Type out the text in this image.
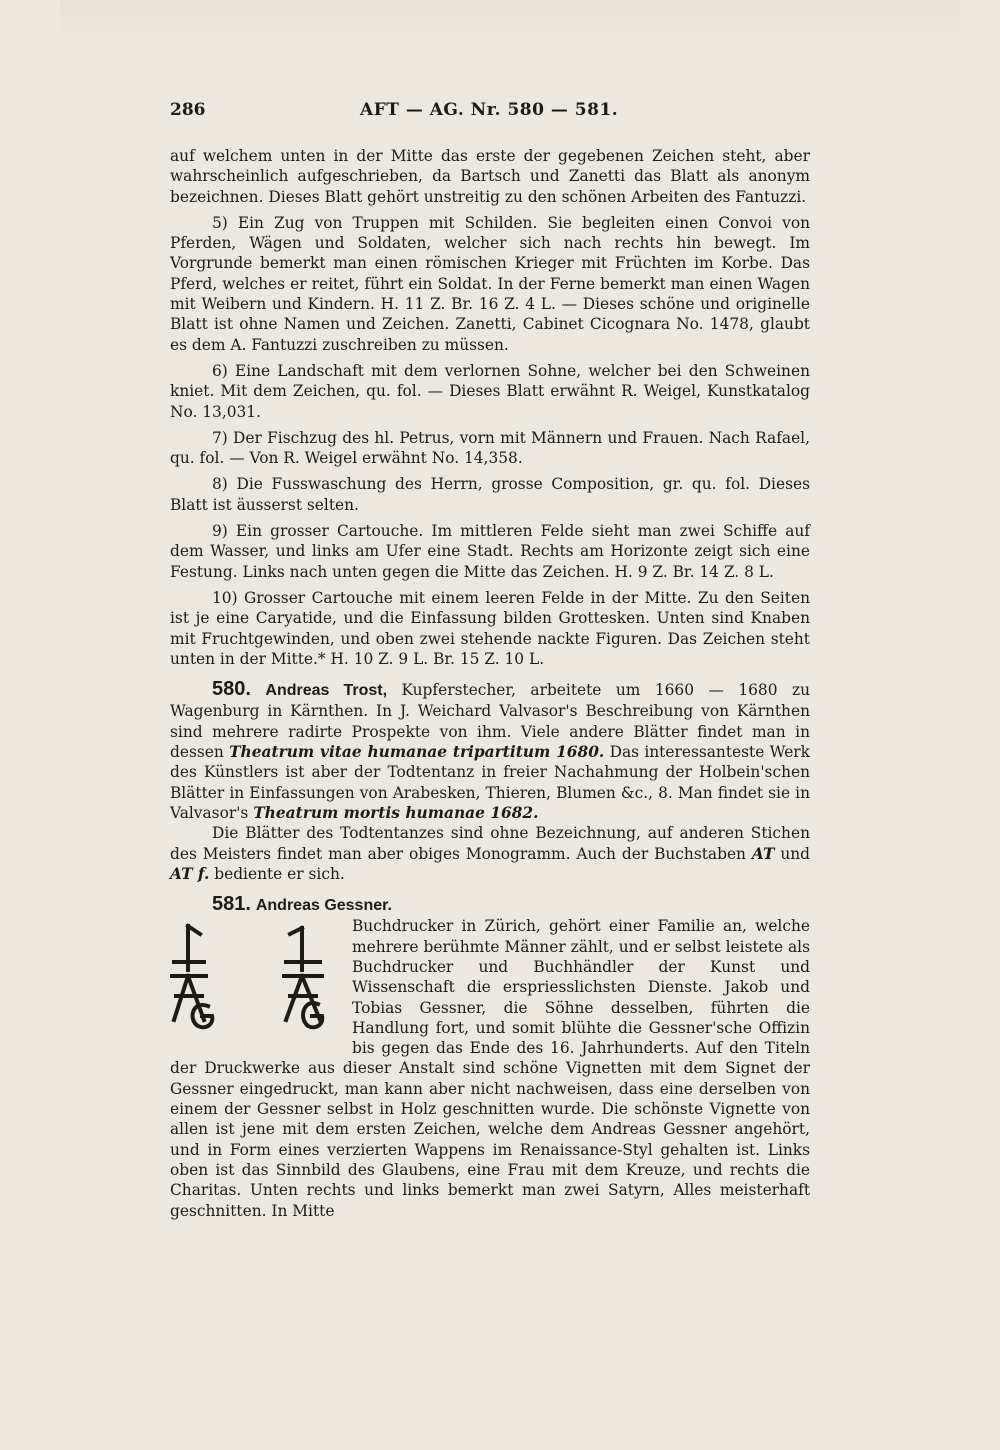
286	AFT — AG. Nr. 580 — 581.

auf welchem unten in der Mitte das erste der gegebenen Zeichen steht, aber wahrscheinlich aufgeschrieben, da Bartsch und Zanetti das Blatt als anonym bezeichnen. Dieses Blatt gehört unstreitig zu den schönen Arbeiten des Fantuzzi.

5) Ein Zug von Truppen mit Schilden. Sie begleiten einen Convoi von Pferden, Wägen und Soldaten, welcher sich nach rechts hin bewegt. Im Vorgrunde bemerkt man einen römischen Krieger mit Früchten im Korbe. Das Pferd, welches er reitet, führt ein Soldat. In der Ferne bemerkt man einen Wagen mit Weibern und Kindern. H. 11 Z. Br. 16 Z. 4 L. — Dieses schöne und originelle Blatt ist ohne Namen und Zeichen. Zanetti, Cabinet Cicognara No. 1478, glaubt es dem A. Fantuzzi zuschreiben zu müssen.

6) Eine Landschaft mit dem verlornen Sohne, welcher bei den Schweinen kniet. Mit dem Zeichen, qu. fol. — Dieses Blatt erwähnt R. Weigel, Kunstkatalog No. 13,031.

7) Der Fischzug des hl. Petrus, vorn mit Männern und Frauen. Nach Rafael, qu. fol. — Von R. Weigel erwähnt No. 14,358.

8) Die Fusswaschung des Herrn, grosse Composition, gr. qu. fol. Dieses Blatt ist äusserst selten.

9) Ein grosser Cartouche. Im mittleren Felde sieht man zwei Schiffe auf dem Wasser, und links am Ufer eine Stadt. Rechts am Horizonte zeigt sich eine Festung. Links nach unten gegen die Mitte das Zeichen. H. 9 Z. Br. 14 Z. 8 L.

10) Grosser Cartouche mit einem leeren Felde in der Mitte. Zu den Seiten ist je eine Caryatide, und die Einfassung bilden Grottesken. Unten sind Knaben mit Fruchtgewinden, und oben zwei stehende nackte Figuren. Das Zeichen steht unten in der Mitte.* H. 10 Z. 9 L. Br. 15 Z. 10 L.

580. Andreas Trost, Kupferstecher, arbeitete um 1660 — 1680 zu Wagenburg in Kärnthen. In J. Weichard Valvasor's Beschreibung von Kärnthen sind mehrere radirte Prospekte von ihm. Viele andere Blätter findet man in dessen Theatrum vitae humanae tripartitum 1680. Das interessanteste Werk des Künstlers ist aber der Todtentanz in freier Nachahmung der Holbein'schen Blätter in Einfassungen von Arabesken, Thieren, Blumen &c., 8. Man findet sie in Valvasor's Theatrum mortis humanae 1682.

Die Blätter des Todtentanzes sind ohne Bezeichnung, auf anderen Stichen des Meisters findet man aber obiges Monogramm. Auch der Buchstaben AT und AT f. bediente er sich.

581. Andreas Gessner.

Buchdrucker in Zürich, gehört einer Familie an, welche mehrere berühmte Männer zählt, und er selbst leistete als Buchdrucker und Buchhändler der Kunst und Wissenschaft die erspriesslichsten Dienste. Jakob und Tobias Gessner, die Söhne desselben, führten die Handlung fort, und somit blühte die Gessner'sche Offizin bis gegen das Ende des 16. Jahrhunderts. Auf den Titeln der Druckwerke aus dieser Anstalt sind schöne Vignetten mit dem Signet der Gessner eingedruckt, man kann aber nicht nachweisen, dass eine derselben von einem der Gessner selbst in Holz geschnitten wurde. Die schönste Vignette von allen ist jene mit dem ersten Zeichen, welche dem Andreas Gessner angehört, und in Form eines verzierten Wappens im Renaissance-Styl gehalten ist. Links oben ist das Sinnbild des Glaubens, eine Frau mit dem Kreuze, und rechts die Charitas. Unten rechts und links bemerkt man zwei Satyrn, Alles meisterhaft geschnitten. In Mitte
